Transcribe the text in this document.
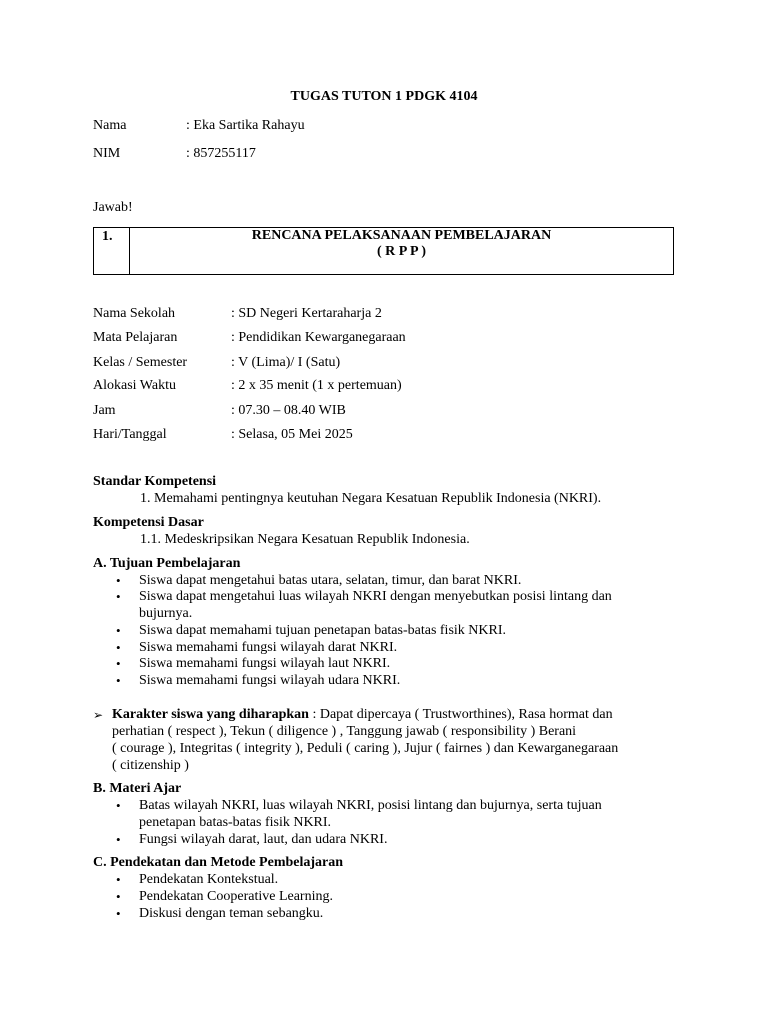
TUGAS TUTON 1 PDGK 4104
Nama	: Eka Sartika Rahayu
NIM	: 857255117
Jawab!
1.	RENCANA PELAKSANAAN PEMBELAJARAN
( R P P )
Nama Sekolah	: SD Negeri Kertaraharja 2
Mata Pelajaran	: Pendidikan Kewarganegaraan
Kelas / Semester	: V (Lima)/ I (Satu)
Alokasi Waktu	: 2 x 35 menit (1 x pertemuan)
Jam	: 07.30 – 08.40 WIB
Hari/Tanggal	: Selasa, 05 Mei 2025
Standar Kompetensi
1. Memahami pentingnya keutuhan Negara Kesatuan Republik Indonesia (NKRI).
Kompetensi Dasar
1.1. Medeskripsikan Negara Kesatuan Republik Indonesia.
A. Tujuan Pembelajaran
• Siswa dapat mengetahui batas utara, selatan, timur, dan barat NKRI.
• Siswa dapat mengetahui luas wilayah NKRI dengan menyebutkan posisi lintang dan
bujurnya.
• Siswa dapat memahami tujuan penetapan batas-batas fisik NKRI.
• Siswa memahami fungsi wilayah darat NKRI.
• Siswa memahami fungsi wilayah laut NKRI.
• Siswa memahami fungsi wilayah udara NKRI.
➢ Karakter siswa yang diharapkan : Dapat dipercaya ( Trustworthines), Rasa hormat dan
perhatian ( respect ), Tekun ( diligence ) , Tanggung jawab ( responsibility ) Berani
( courage ), Integritas ( integrity ), Peduli ( caring ), Jujur ( fairnes ) dan Kewarganegaraan
( citizenship )
B. Materi Ajar
• Batas wilayah NKRI, luas wilayah NKRI, posisi lintang dan bujurnya, serta tujuan
penetapan batas-batas fisik NKRI.
• Fungsi wilayah darat, laut, dan udara NKRI.
C. Pendekatan dan Metode Pembelajaran
• Pendekatan Kontekstual.
• Pendekatan Cooperative Learning.
• Diskusi dengan teman sebangku.
